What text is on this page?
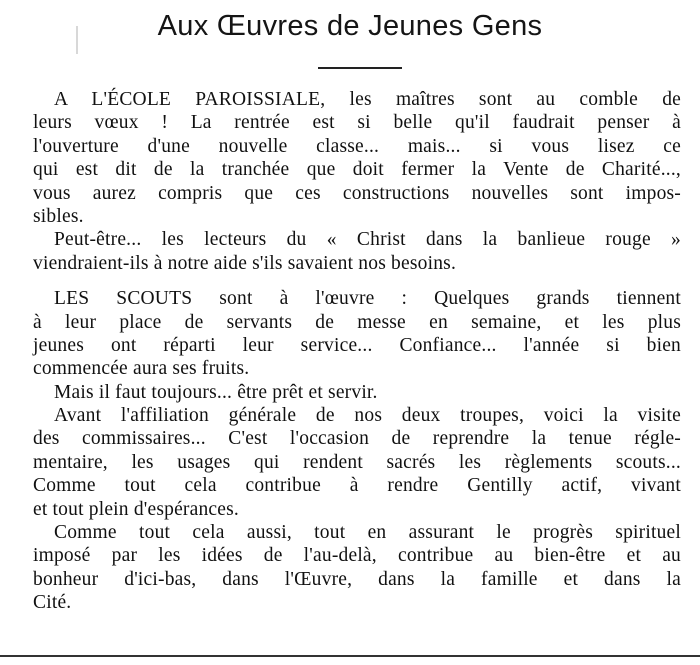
Aux Œuvres de Jeunes Gens
A L'ÉCOLE PAROISSIALE, les maîtres sont au comble de
leurs vœux ! La rentrée est si belle qu'il faudrait penser à
l'ouverture d'une nouvelle classe... mais... si vous lisez ce
qui est dit de la tranchée que doit fermer la Vente de Charité...,
vous aurez compris que ces constructions nouvelles sont impos-
sibles.
Peut-être... les lecteurs du « Christ dans la banlieue rouge »
viendraient-ils à notre aide s'ils savaient nos besoins.
LES SCOUTS sont à l'œuvre : Quelques grands tiennent
à leur place de servants de messe en semaine, et les plus
jeunes ont réparti leur service... Confiance... l'année si bien
commencée aura ses fruits.
Mais il faut toujours... être prêt et servir.
Avant l'affiliation générale de nos deux troupes, voici la visite
des commissaires... C'est l'occasion de reprendre la tenue régle-
mentaire, les usages qui rendent sacrés les règlements scouts...
Comme tout cela contribue à rendre Gentilly actif, vivant
et tout plein d'espérances.
Comme tout cela aussi, tout en assurant le progrès spirituel
imposé par les idées de l'au-delà, contribue au bien-être et au
bonheur d'ici-bas, dans l'Œuvre, dans la famille et dans la
Cité.
